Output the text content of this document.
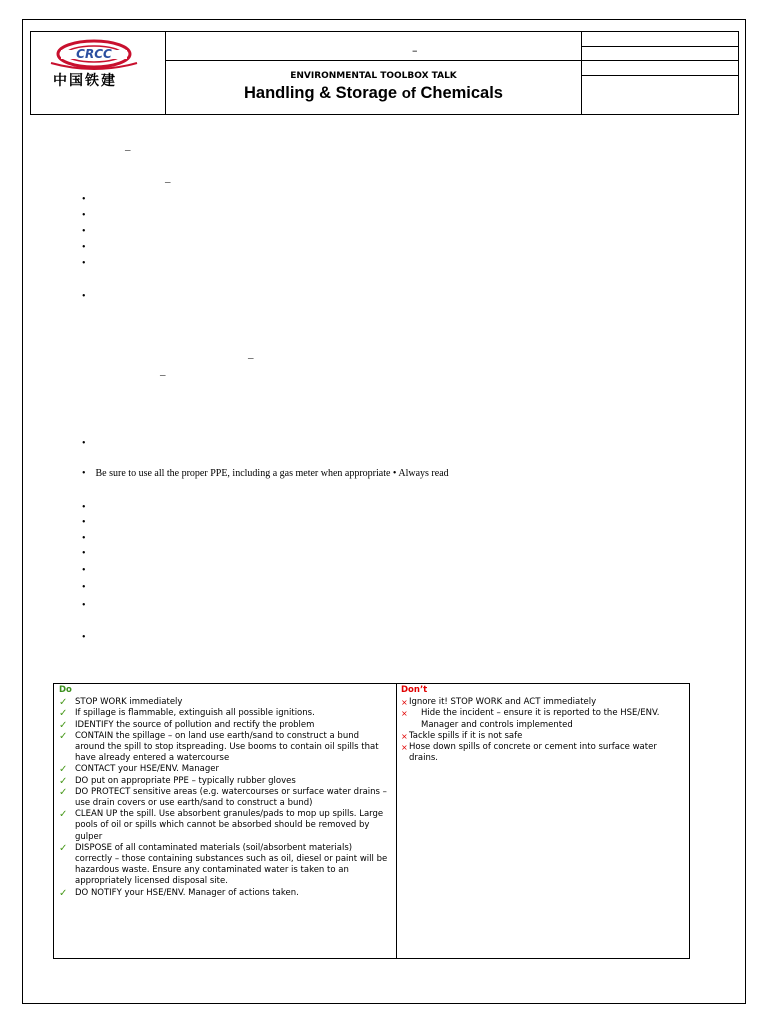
CRCC
中国铁建
–
ENVIRONMENTAL TOOLBOX TALK
Handling & Storage of Chemicals
–
–
•
•
•
•
•
•
–
–
•
• Be sure to use all the proper PPE, including a gas meter when appropriate • Always read
•
•
•
•
•
•
•
•
Do
✓ STOP WORK immediately
✓ If spillage is flammable, extinguish all possible ignitions.
✓ IDENTIFY the source of pollution and rectify the problem
✓ CONTAIN the spillage – on land use earth/sand to construct a bund around the spill to stop itspreading. Use booms to contain oil spills that have already entered a watercourse
✓ CONTACT your HSE/ENV. Manager
✓ DO put on appropriate PPE – typically rubber gloves
✓ DO PROTECT sensitive areas (e.g. watercourses or surface water drains – use drain covers or use earth/sand to construct a bund)
✓ CLEAN UP the spill. Use absorbent granules/pads to mop up spills. Large pools of oil or spills which cannot be absorbed should be removed by gulper
✓ DISPOSE of all contaminated materials (soil/absorbent materials) correctly – those containing substances such as oil, diesel or paint will be hazardous waste. Ensure any contaminated water is taken to an appropriately licensed disposal site.
✓ DO NOTIFY your HSE/ENV. Manager of actions taken.
Don’t
× Ignore it! STOP WORK and ACT immediately
× Hide the incident – ensure it is reported to the HSE/ENV. Manager and controls implemented
× Tackle spills if it is not safe
× Hose down spills of concrete or cement into surface water drains.
